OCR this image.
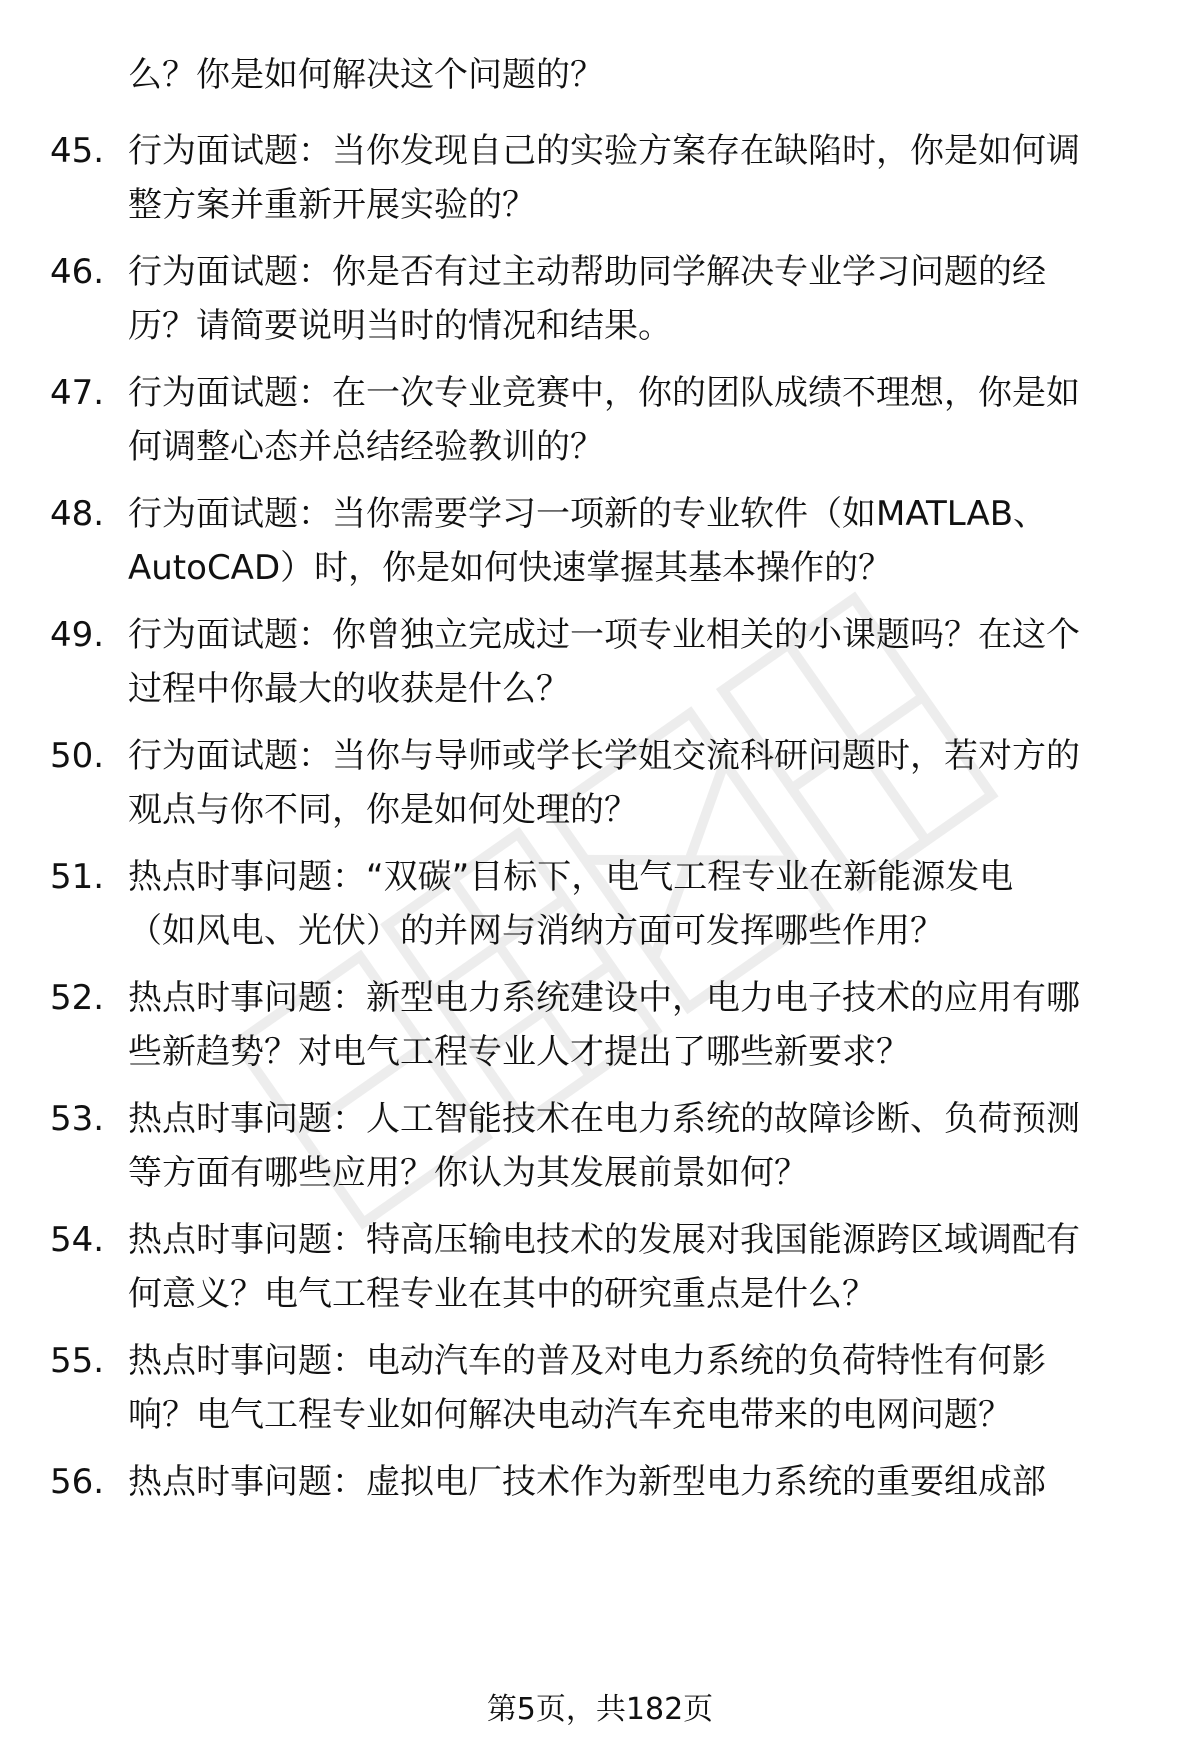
么？你是如何解决这个问题的？
45. 行为面试题：当你发现自己的实验方案存在缺陷时，你是如何调
整方案并重新开展实验的？
46. 行为面试题：你是否有过主动帮助同学解决专业学习问题的经
历？请简要说明当时的情况和结果。
47. 行为面试题：在一次专业竞赛中，你的团队成绩不理想，你是如
何调整心态并总结经验教训的？
48. 行为面试题：当你需要学习一项新的专业软件（如MATLAB、
AutoCAD）时，你是如何快速掌握其基本操作的？
49. 行为面试题：你曾独立完成过一项专业相关的小课题吗？在这个
过程中你最大的收获是什么？
50. 行为面试题：当你与导师或学长学姐交流科研问题时，若对方的
观点与你不同，你是如何处理的？
51. 热点时事问题：“双碳”目标下，电气工程专业在新能源发电
（如风电、光伏）的并网与消纳方面可发挥哪些作用？
52. 热点时事问题：新型电力系统建设中，电力电子技术的应用有哪
些新趋势？对电气工程专业人才提出了哪些新要求？
53. 热点时事问题：人工智能技术在电力系统的故障诊断、负荷预测
等方面有哪些应用？你认为其发展前景如何？
54. 热点时事问题：特高压输电技术的发展对我国能源跨区域调配有
何意义？电气工程专业在其中的研究重点是什么？
55. 热点时事问题：电动汽车的普及对电力系统的负荷特性有何影
响？电气工程专业如何解决电动汽车充电带来的电网问题？
56. 热点时事问题：虚拟电厂技术作为新型电力系统的重要组成部
第5页，共182页
